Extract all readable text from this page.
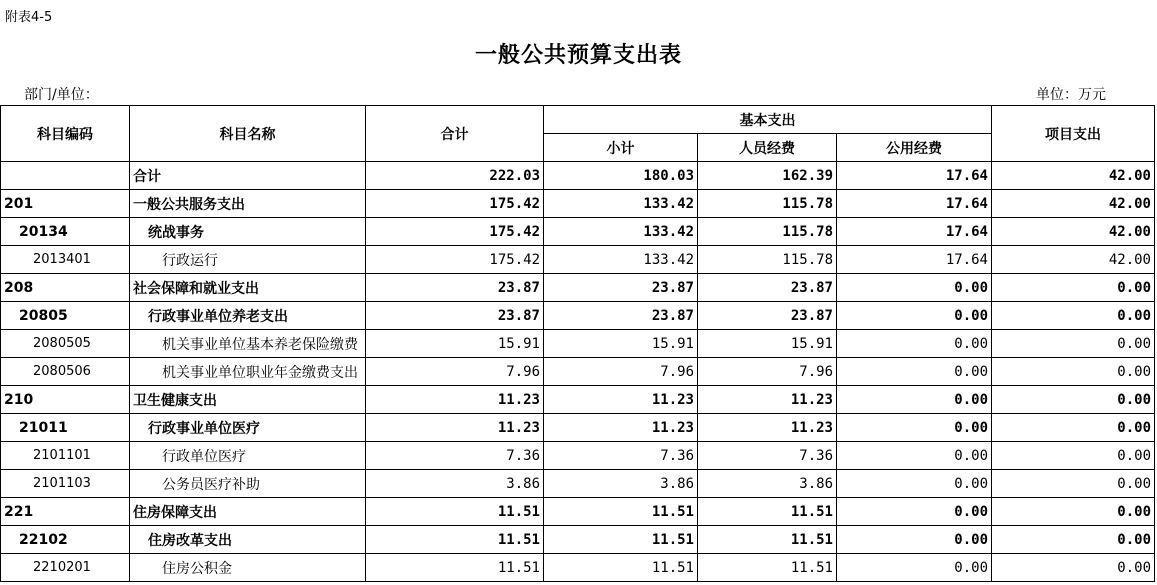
附表4-5
一般公共预算支出表
部门/单位：	单位：万元
科目编码	科目名称	合计	基本支出			项目支出
			小计	人员经费	公用经费	
	合计	222.03	180.03	162.39	17.64	42.00
201	一般公共服务支出	175.42	133.42	115.78	17.64	42.00
20134	统战事务	175.42	133.42	115.78	17.64	42.00
2013401	行政运行	175.42	133.42	115.78	17.64	42.00
208	社会保障和就业支出	23.87	23.87	23.87	0.00	0.00
20805	行政事业单位养老支出	23.87	23.87	23.87	0.00	0.00
2080505	机关事业单位基本养老保险缴费	15.91	15.91	15.91	0.00	0.00
2080506	机关事业单位职业年金缴费支出	7.96	7.96	7.96	0.00	0.00
210	卫生健康支出	11.23	11.23	11.23	0.00	0.00
21011	行政事业单位医疗	11.23	11.23	11.23	0.00	0.00
2101101	行政单位医疗	7.36	7.36	7.36	0.00	0.00
2101103	公务员医疗补助	3.86	3.86	3.86	0.00	0.00
221	住房保障支出	11.51	11.51	11.51	0.00	0.00
22102	住房改革支出	11.51	11.51	11.51	0.00	0.00
2210201	住房公积金	11.51	11.51	11.51	0.00	0.00
